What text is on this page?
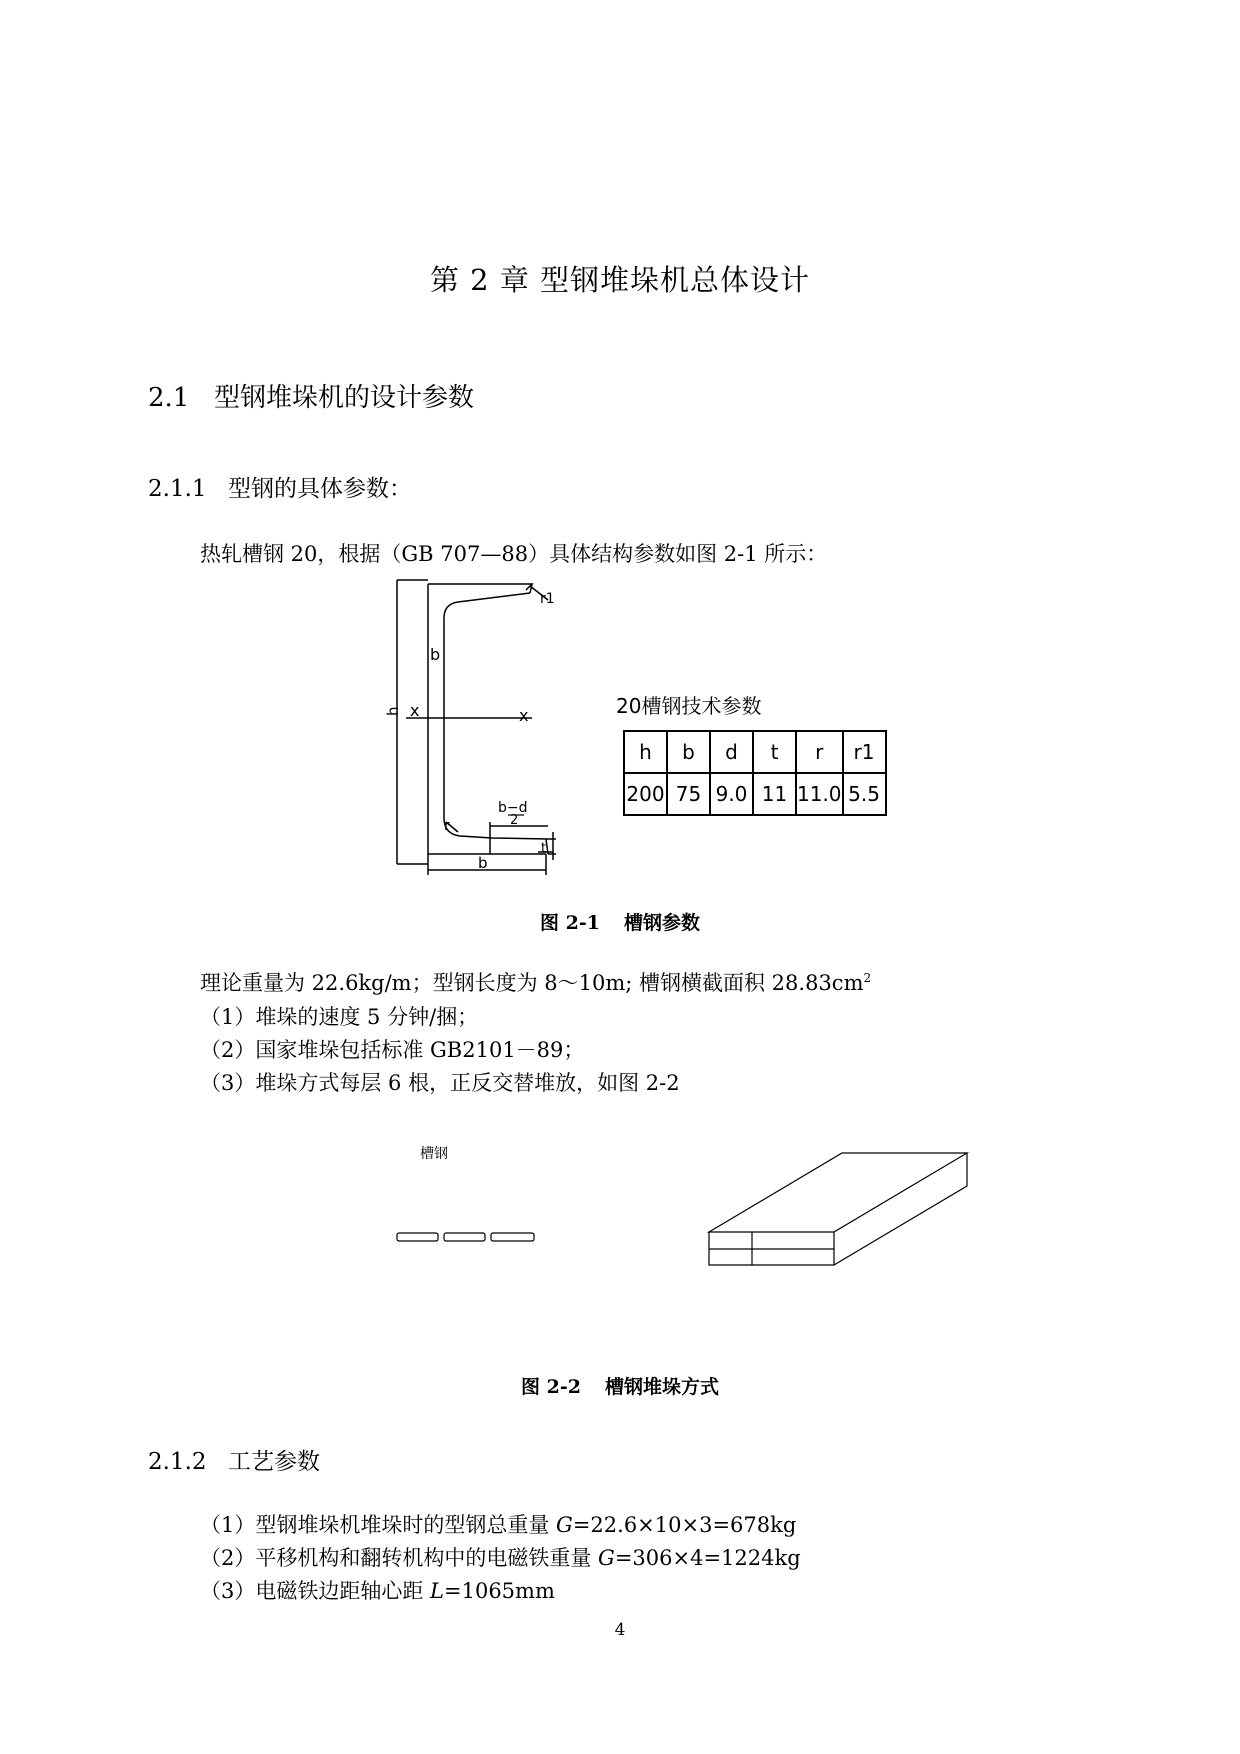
第 2 章 型钢堆垛机总体设计
2.1 型钢堆垛机的设计参数
2.1.1 型钢的具体参数：
热轧槽钢 20，根据（GB 707—88）具体结构参数如图 2-1 所示：
b
h x	x
r1
r
b−d
2
t
b
20槽钢技术参数
h	b	d	t	r	r1
200	75	9.0	11	11.0	5.5
图 2-1 槽钢参数
理论重量为 22.6kg/m；型钢长度为 8～10m; 槽钢横截面积 $28.83cm^2$
（1）堆垛的速度 5 分钟/捆；
（2）国家堆垛包括标准 GB2101－89；
（3）堆垛方式每层 6 根，正反交替堆放，如图 2-2
槽钢
图 2-2 槽钢堆垛方式
2.1.2 工艺参数
（1）型钢堆垛机堆垛时的型钢总重量 G=22.6×10×3=678kg
（2）平移机构和翻转机构中的电磁铁重量 G=306×4=1224kg
（3）电磁铁边距轴心距 L=1065mm
4
